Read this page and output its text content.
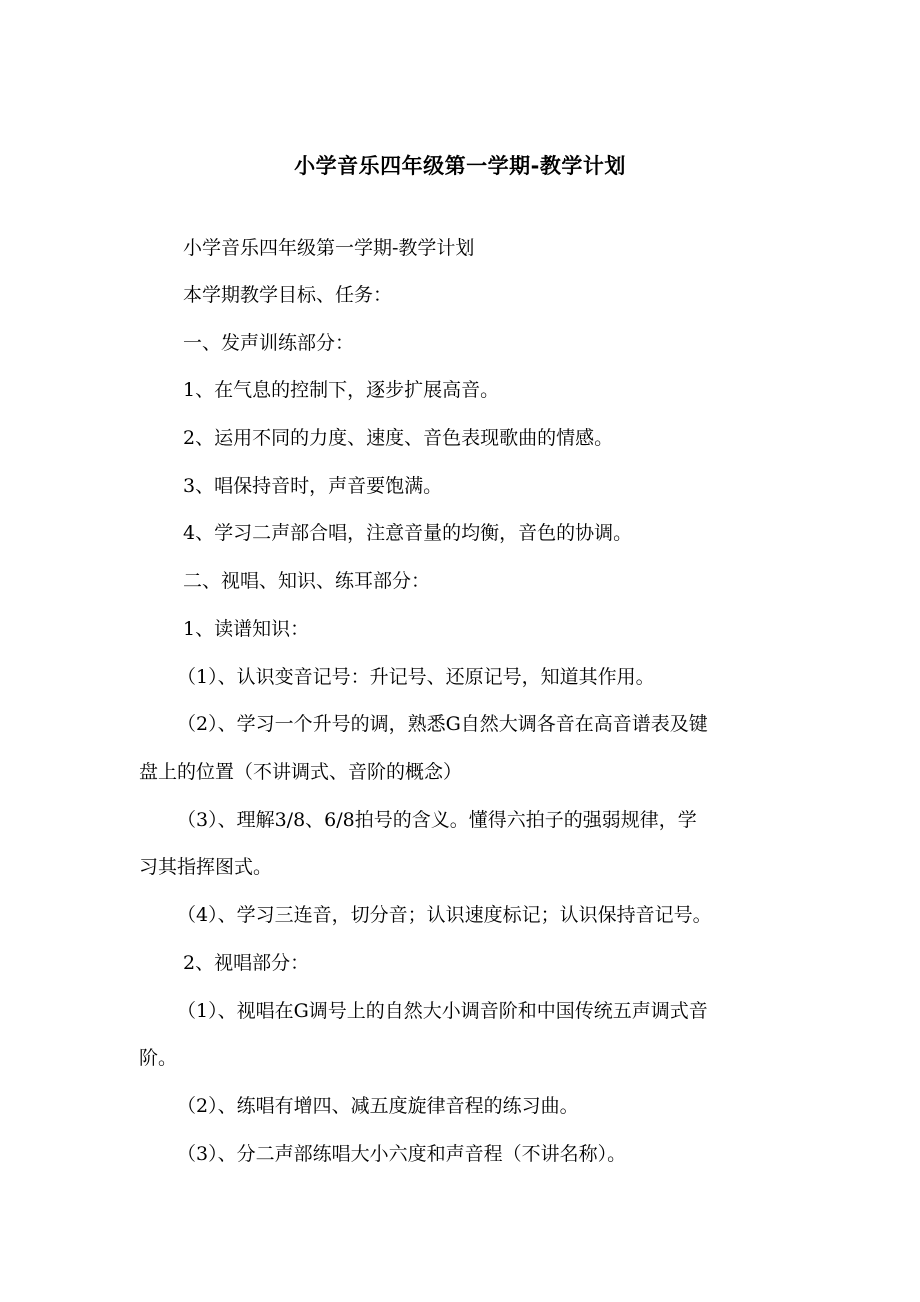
小学音乐四年级第一学期-教学计划

小学音乐四年级第一学期-教学计划

本学期教学目标、任务：

一、发声训练部分：

1、在气息的控制下，逐步扩展高音。

2、运用不同的力度、速度、音色表现歌曲的情感。

3、唱保持音时，声音要饱满。

4、学习二声部合唱，注意音量的均衡，音色的协调。

二、视唱、知识、练耳部分：

1、读谱知识：

（1）、认识变音记号：升记号、还原记号，知道其作用。

（2）、学习一个升号的调，熟悉G自然大调各音在高音谱表及键

盘上的位置（不讲调式、音阶的概念）

（3）、理解3/8、6/8拍号的含义。懂得六拍子的强弱规律，学

习其指挥图式。

（4）、学习三连音，切分音；认识速度标记；认识保持音记号。

2、视唱部分：

（1）、视唱在G调号上的自然大小调音阶和中国传统五声调式音

阶。

（2）、练唱有增四、减五度旋律音程的练习曲。

（3）、分二声部练唱大小六度和声音程（不讲名称）。
